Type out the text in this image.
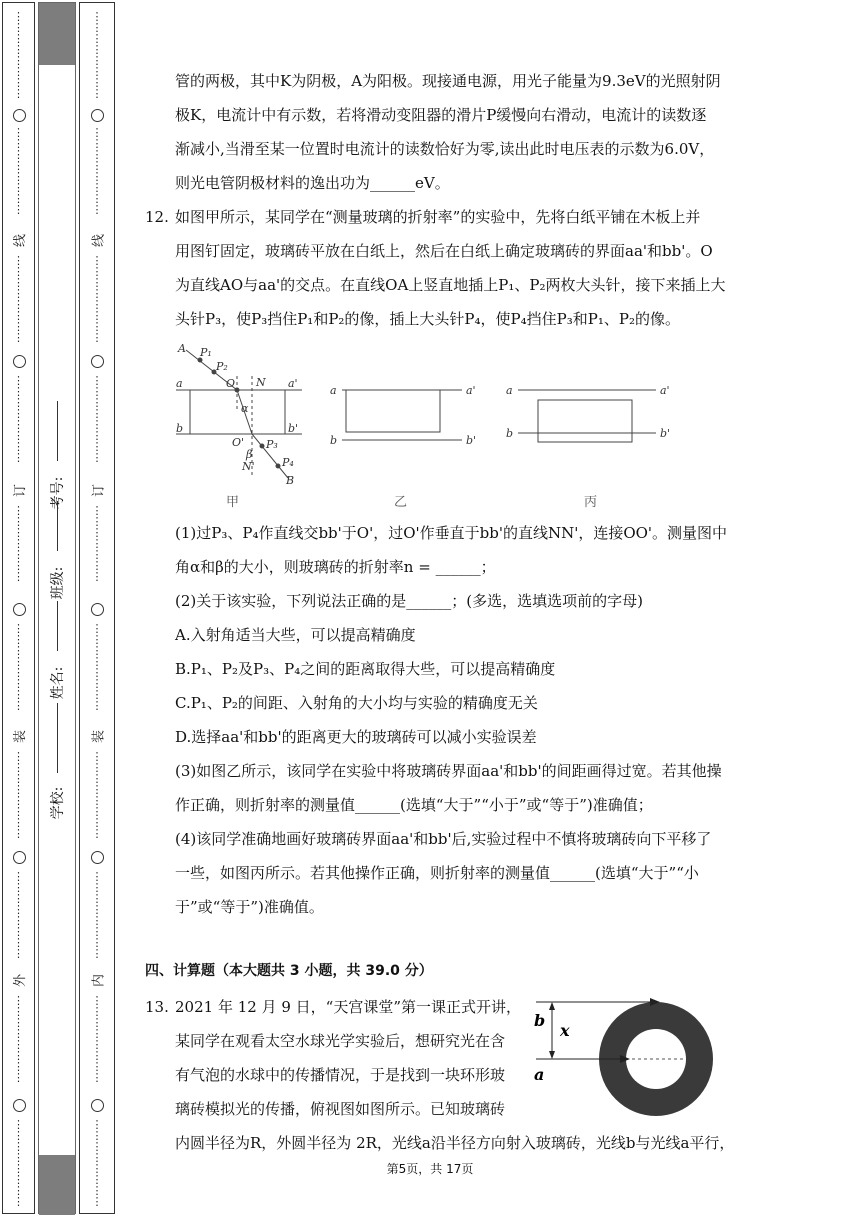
⋮
⋮
⋮
⋮
⋮
⋮
⋮
⋮
⋮
⋮
⋮
⋮
⋮
⋮
⋮
⋮
线
⋮
⋮
⋮
⋮
⋮
⋮
⋮
⋮
⋮
⋮
⋮
⋮
⋮
⋮
⋮
⋮
订
⋮
⋮
⋮
⋮
⋮
⋮
⋮
⋮
⋮
⋮
⋮
⋮
⋮
⋮
⋮
装
⋮
⋮
⋮
⋮
⋮
⋮
⋮
⋮
⋮
⋮
⋮
⋮
⋮
⋮
⋮
⋮
外
⋮
⋮
⋮
⋮
⋮
⋮
⋮
⋮
⋮
⋮
⋮
⋮
⋮
⋮
⋮
⋮
学校:
姓名:
班级:
考号:
⋮
⋮
⋮
⋮
⋮
⋮
⋮
⋮
⋮
⋮
⋮
⋮
⋮
⋮
⋮
⋮
线
⋮
⋮
⋮
⋮
⋮
⋮
⋮
⋮
⋮
⋮
⋮
⋮
⋮
⋮
⋮
⋮
订
⋮
⋮
⋮
⋮
⋮
⋮
⋮
⋮
⋮
⋮
⋮
⋮
⋮
⋮
⋮
装
⋮
⋮
⋮
⋮
⋮
⋮
⋮
⋮
⋮
⋮
⋮
⋮
⋮
⋮
⋮
⋮
内
⋮
⋮
⋮
⋮
⋮
⋮
⋮
⋮
⋮
⋮
⋮
⋮
⋮
⋮
⋮
⋮
管的两极，其中K为阴极，A为阳极。现接通电源，用光子能量为9.3eV的光照射阴
极K，电流计中有示数，若将滑动变阻器的滑片P缓慢向右滑动，电流计的读数逐
渐减小,当滑至某一位置时电流计的读数恰好为零,读出此时电压表的示数为6.0V，
则光电管阴极材料的逸出功为______eV。
12. 如图甲所示，某同学在“测量玻璃的折射率”的实验中，先将白纸平铺在木板上并
用图钉固定，玻璃砖平放在白纸上，然后在白纸上确定玻璃砖的界面aa'和bb'。O
为直线AO与aa'的交点。在直线OA上竖直地插上P₁、P₂两枚大头针，接下来插上大
头针P₃，使P₃挡住P₁和P₂的像，插上大头针P₄，使P₄挡住P₃和P₁、P₂的像。
A P₁
P₂
O N
a	a'
α
b	b'
O' P₃
β
P₄
N'
B
甲
a	a'
b	b'
乙
a	a'
b	b'
丙
(1)过P₃、P₄作直线交bb'于O'，过O'作垂直于bb'的直线NN'，连接OO'。测量图中
角α和β的大小，则玻璃砖的折射率n = ______；
(2)关于该实验，下列说法正确的是______；(多选，选填选项前的字母)
A.入射角适当大些，可以提高精确度
B.P₁、P₂及P₃、P₄之间的距离取得大些，可以提高精确度
C.P₁、P₂的间距、入射角的大小均与实验的精确度无关
D.选择aa'和bb'的距离更大的玻璃砖可以减小实验误差
(3)如图乙所示，该同学在实验中将玻璃砖界面aa'和bb'的间距画得过宽。若其他操
作正确，则折射率的测量值______(选填“大于”“小于”或“等于”)准确值；
(4)该同学准确地画好玻璃砖界面aa'和bb'后,实验过程中不慎将玻璃砖向下平移了
一些，如图丙所示。若其他操作正确，则折射率的测量值______(选填“大于”“小
于”或“等于”)准确值。
四、计算题（本大题共 3 小题，共 39.0 分）
13. 2021 年 12 月 9 日，“天宫课堂”第一课正式开讲，
某同学在观看太空水球光学实验后，想研究光在含
有气泡的水球中的传播情况，于是找到一块环形玻
璃砖模拟光的传播，俯视图如图所示。已知玻璃砖
内圆半径为R，外圆半径为 2R，光线a沿半径方向射入玻璃砖，光线b与光线a平行，
b
x
a
第5页，共 17页
